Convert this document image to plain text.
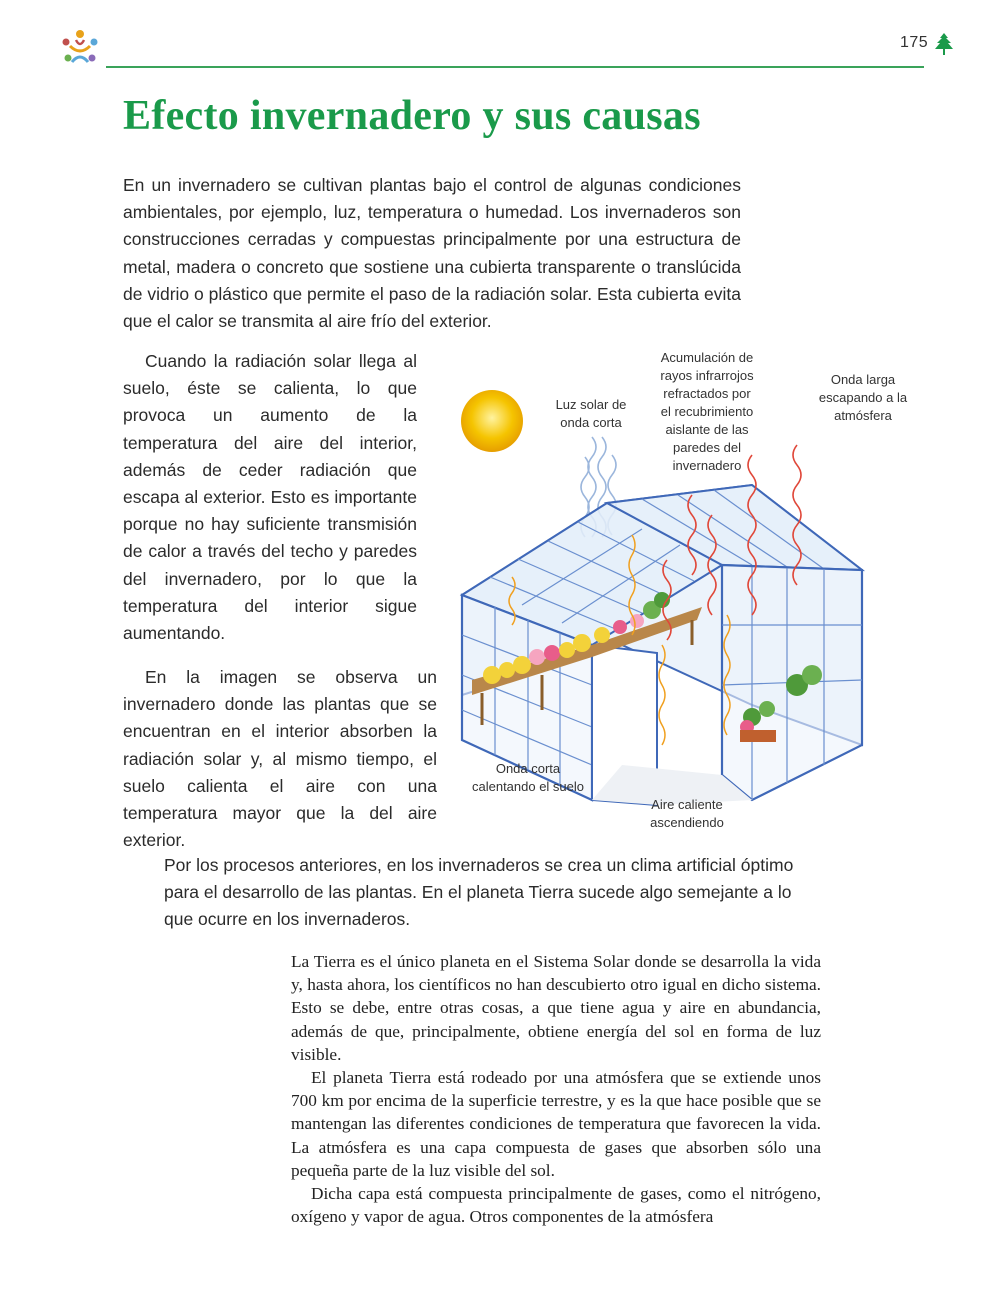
175
Efecto invernadero y sus causas

En un invernadero se cultivan plantas bajo el control de algunas condiciones ambientales, por ejemplo, luz, temperatura o humedad. Los invernaderos son construcciones cerradas y compuestas principalmente por una estructura de metal, madera o concreto que sostiene una cubierta transparente o translúcida de vidrio o plástico que permite el paso de la radiación solar. Esta cubierta evita que el calor se transmita al aire frío del exterior.

Cuando la radiación solar llega al suelo, éste se calienta, lo que provoca un aumento de la temperatura del aire del interior, además de ceder radiación que escapa al exterior. Esto es importante porque no hay suficiente transmisión de calor a través del techo y paredes del invernadero, por lo que la temperatura del interior sigue aumentando.

En la imagen se observa un invernadero donde las plantas que se encuentran en el interior absorben la radiación solar y, al mismo tiempo, el suelo calienta el aire con una temperatura mayor que la del aire exterior.

Luz solar de
onda corta
Acumulación de
rayos infrarrojos
refractados por
el recubrimiento
aislante de las
paredes del
invernadero
Onda larga
escapando a la
atmósfera
Onda corta
calentando el suelo
Aire caliente
ascendiendo

Por los procesos anteriores, en los invernaderos se crea un clima artificial óptimo para el desarrollo de las plantas. En el planeta Tierra sucede algo semejante a lo que ocurre en los invernaderos.

La Tierra es el único planeta en el Sistema Solar donde se desarrolla la vida y, hasta ahora, los científicos no han descubierto otro igual en dicho sistema. Esto se debe, entre otras cosas, a que tiene agua y aire en abundancia, además de que, principalmente, obtiene energía del sol en forma de luz visible.

El planeta Tierra está rodeado por una atmósfera que se extiende unos 700 km por encima de la superficie terrestre, y es la que hace posible que se mantengan las diferentes condiciones de temperatura que favorecen la vida. La atmósfera es una capa compuesta de gases que absorben sólo una pequeña parte de la luz visible del sol.

Dicha capa está compuesta principalmente de gases, como el nitrógeno, oxígeno y vapor de agua. Otros componentes de la atmósfera
